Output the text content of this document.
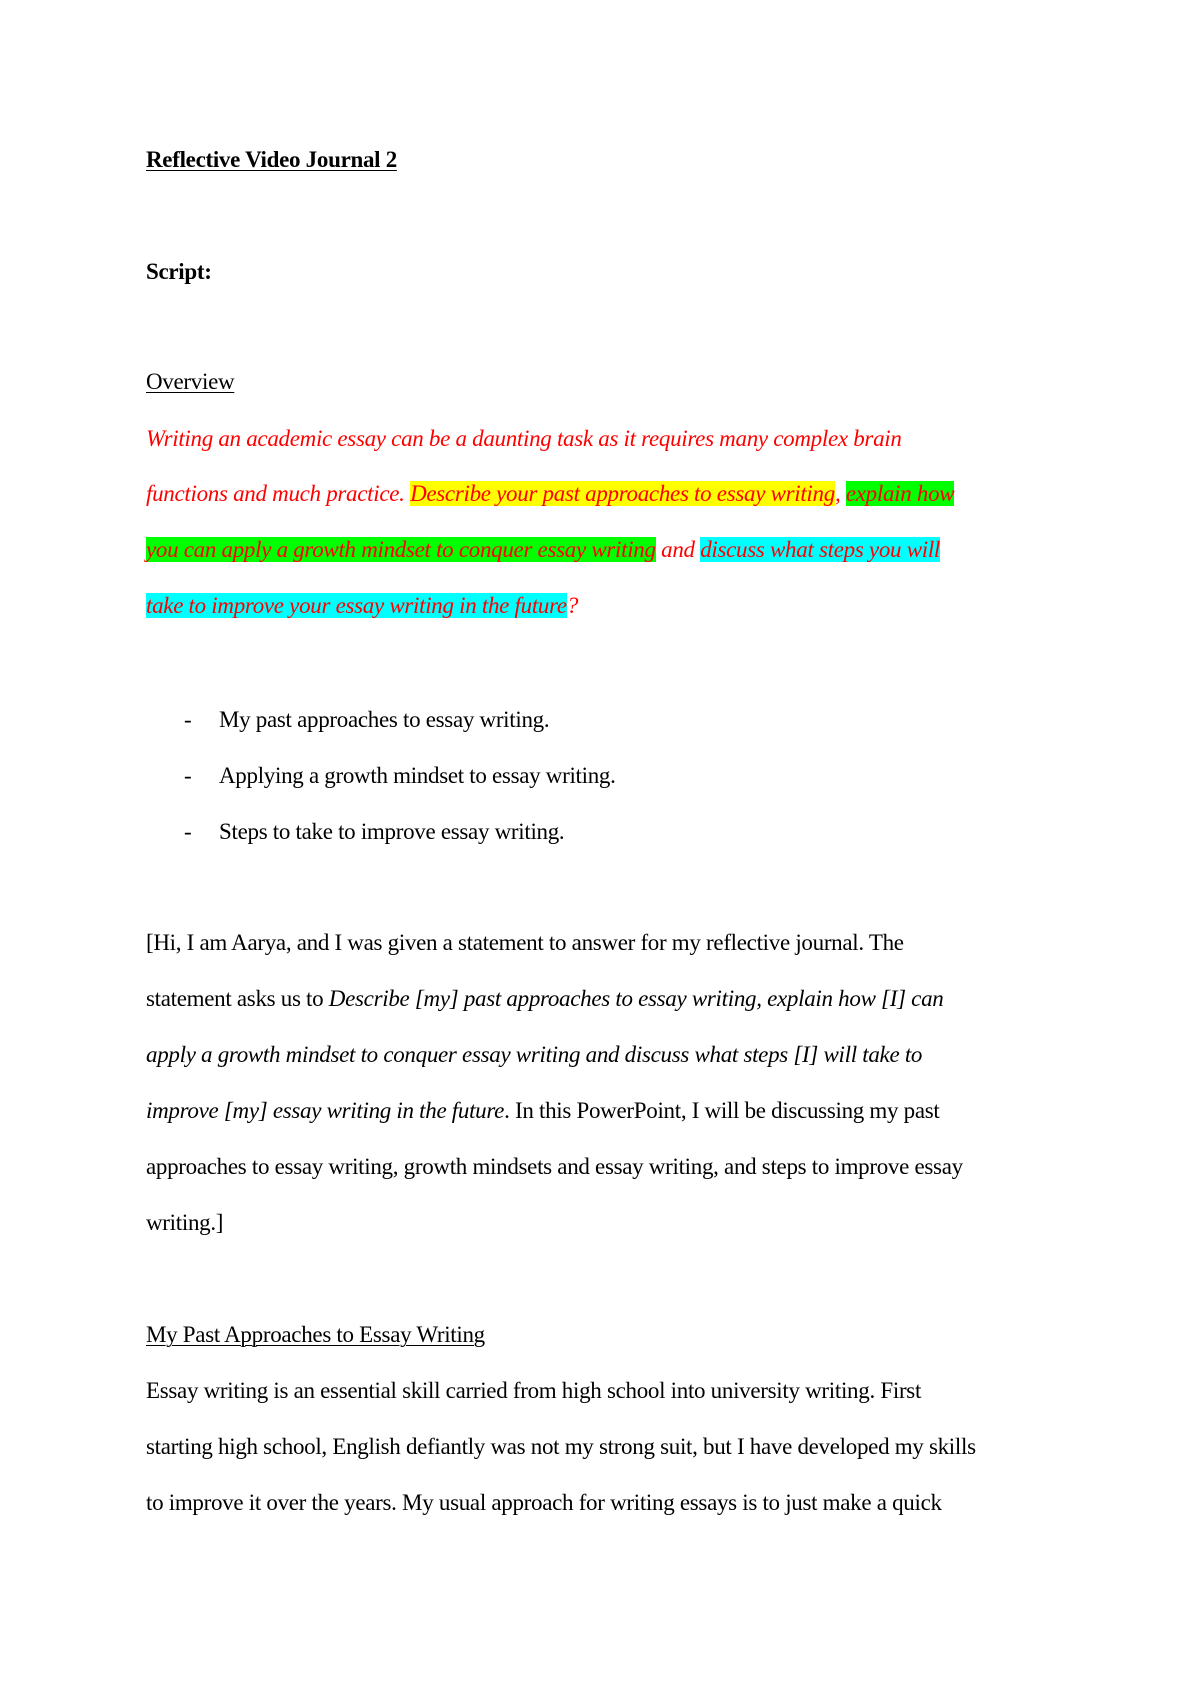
Reflective Video Journal 2
Script:
Overview
Writing an academic essay can be a daunting task as it requires many complex brain
functions and much practice. Describe your past approaches to essay writing, explain how
you can apply a growth mindset to conquer essay writing and discuss what steps you will
take to improve your essay writing in the future?
- My past approaches to essay writing.
- Applying a growth mindset to essay writing.
- Steps to take to improve essay writing.
[Hi, I am Aarya, and I was given a statement to answer for my reflective journal. The
statement asks us to Describe [my] past approaches to essay writing, explain how [I] can
apply a growth mindset to conquer essay writing and discuss what steps [I] will take to
improve [my] essay writing in the future. In this PowerPoint, I will be discussing my past
approaches to essay writing, growth mindsets and essay writing, and steps to improve essay
writing.]
My Past Approaches to Essay Writing
Essay writing is an essential skill carried from high school into university writing. First
starting high school, English defiantly was not my strong suit, but I have developed my skills
to improve it over the years. My usual approach for writing essays is to just make a quick
